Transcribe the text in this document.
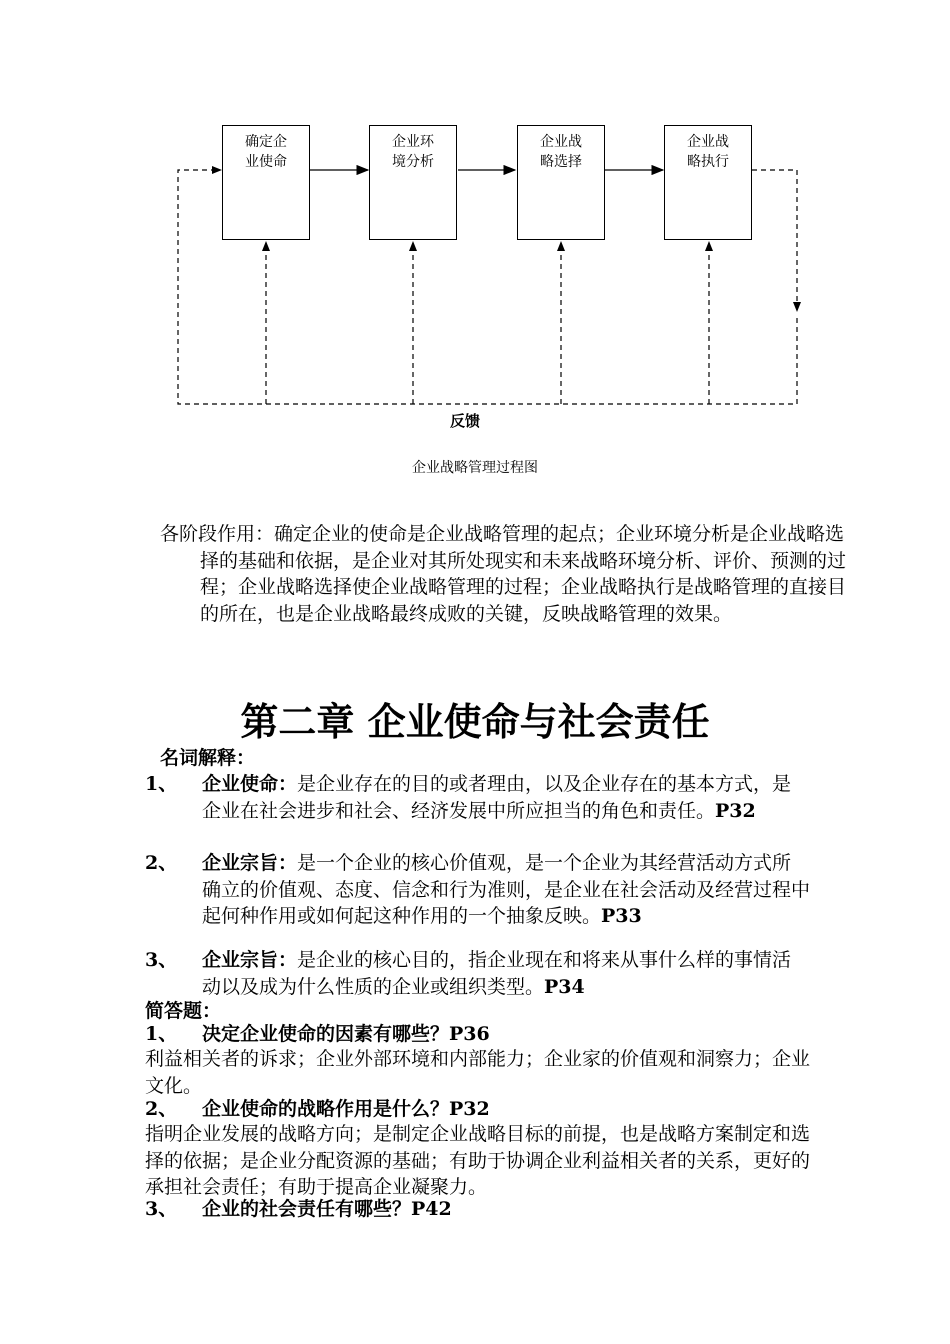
确定企
业使命
企业环
境分析
企业战
略选择
企业战
略执行
反馈
企业战略管理过程图
各阶段作用：确定企业的使命是企业战略管理的起点；企业环境分析是企业战略选择的基础和依据，是企业对其所处现实和未来战略环境分析、评价、预测的过程；企业战略选择使企业战略管理的过程；企业战略执行是战略管理的直接目的所在，也是企业战略最终成败的关键，反映战略管理的效果。
第二章 企业使命与社会责任
名词解释：
1、 企业使命：是企业存在的目的或者理由，以及企业存在的基本方式，是企业在社会进步和社会、经济发展中所应担当的角色和责任。P32
2、 企业宗旨：是一个企业的核心价值观，是一个企业为其经营活动方式所确立的价值观、态度、信念和行为准则，是企业在社会活动及经营过程中起何种作用或如何起这种作用的一个抽象反映。P33
3、 企业宗旨：是企业的核心目的，指企业现在和将来从事什么样的事情活动以及成为什么性质的企业或组织类型。P34
简答题：
1、 决定企业使命的因素有哪些？P36
利益相关者的诉求；企业外部环境和内部能力；企业家的价值观和洞察力；企业文化。
2、 企业使命的战略作用是什么？P32
指明企业发展的战略方向；是制定企业战略目标的前提，也是战略方案制定和选择的依据；是企业分配资源的基础；有助于协调企业利益相关者的关系，更好的承担社会责任；有助于提高企业凝聚力。
3、 企业的社会责任有哪些？P42
